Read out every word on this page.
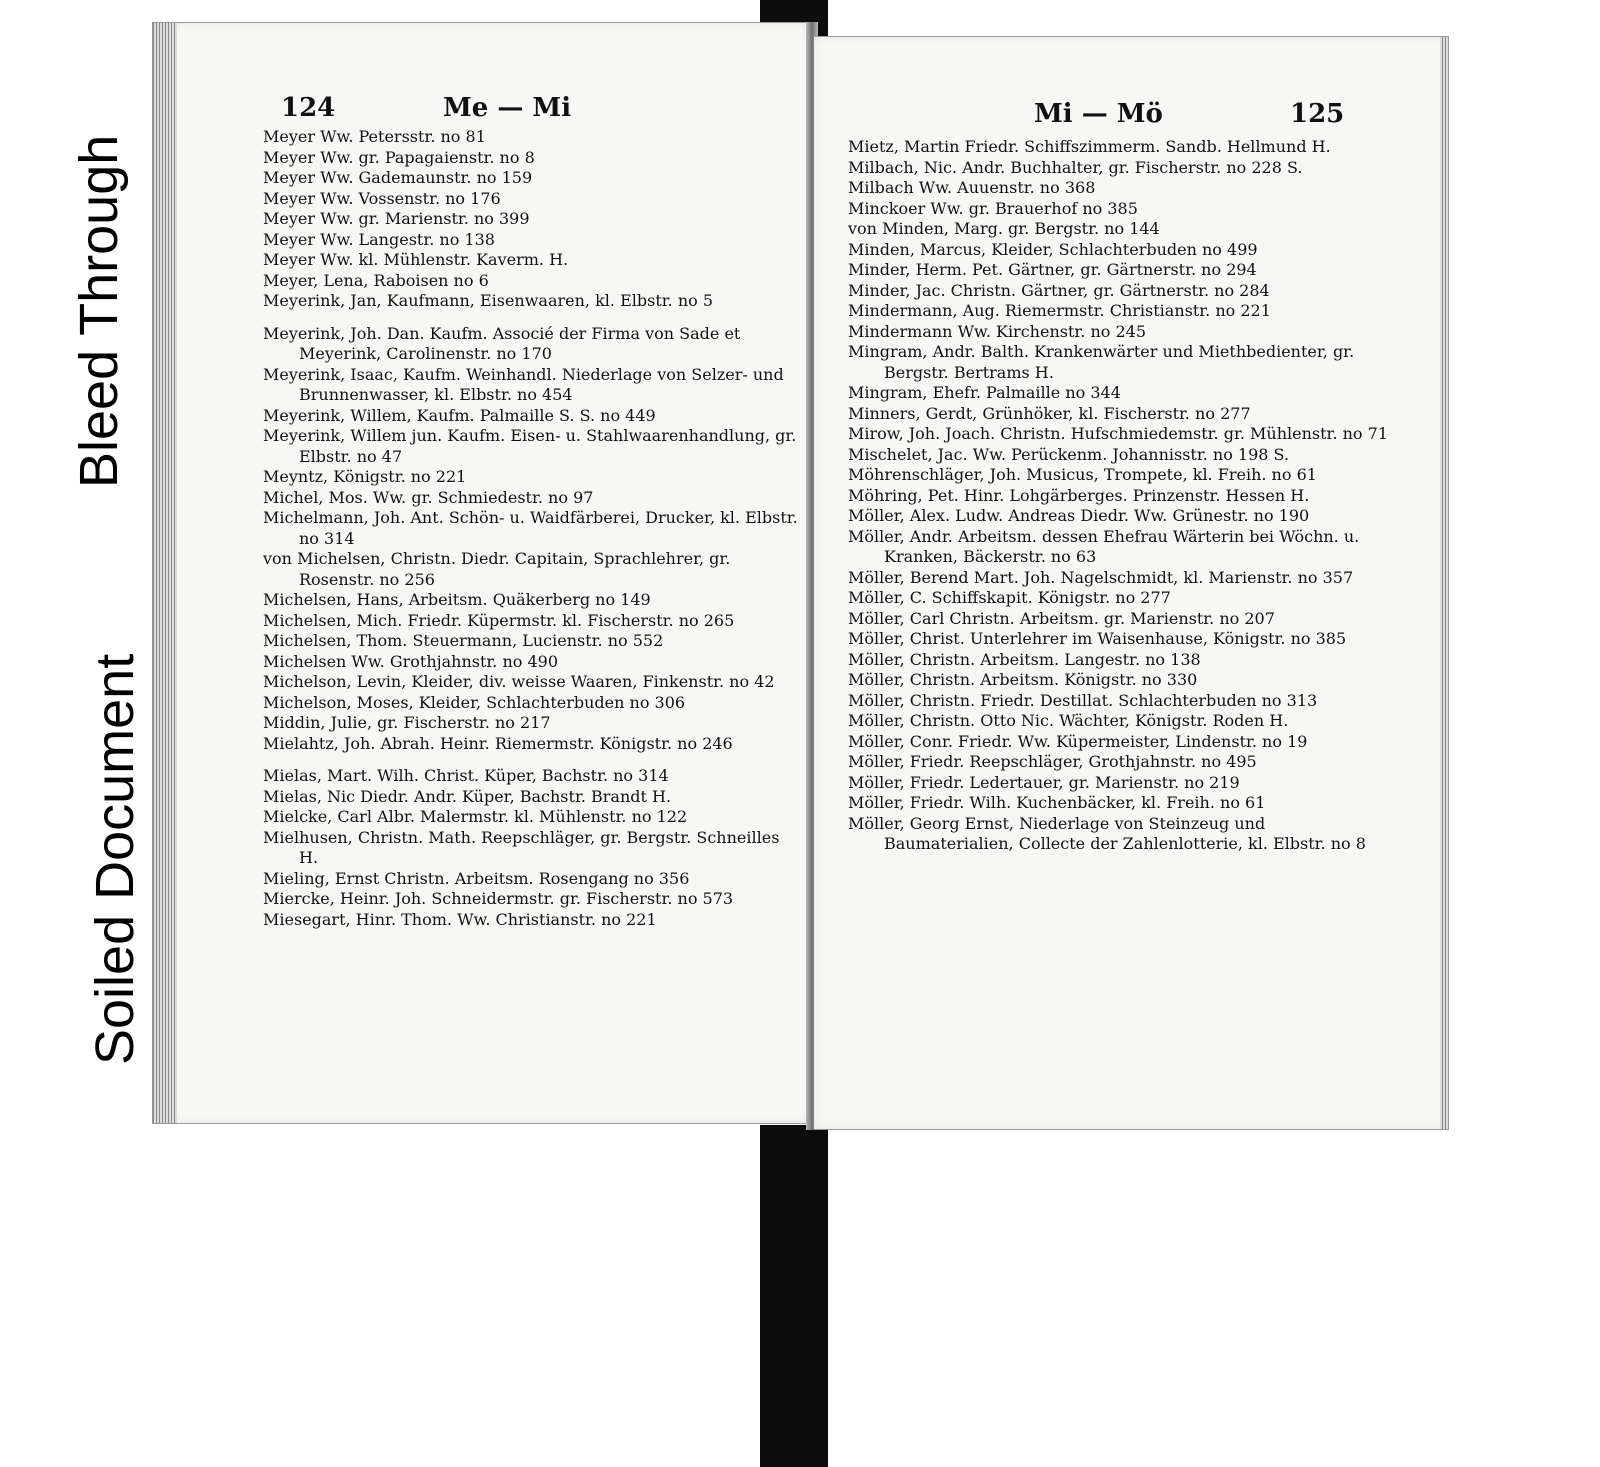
Bleed Through
Soiled Document
124	Me — Mi
Meyer Ww. Petersstr. no 81
Meyer Ww. gr. Papagaienstr. no 8
Meyer Ww. Gademaunstr. no 159
Meyer Ww. Vossenstr. no 176
Meyer Ww. gr. Marienstr. no 399
Meyer Ww. Langestr. no 138
Meyer Ww. kl. Mühlenstr. Kaverm. H.
Meyer, Lena, Raboisen no 6
Meyerink, Jan, Kaufmann, Eisenwaaren, kl. Elbstr. no 5
Meyerink, Joh. Dan. Kaufm. Associé der Firma von Sade et Meyerink, Carolinenstr. no 170
Meyerink, Isaac, Kaufm. Weinhandl. Niederlage von Selzer- und Brunnenwasser, kl. Elbstr. no 454
Meyerink, Willem, Kaufm. Palmaille S. S. no 449
Meyerink, Willem jun. Kaufm. Eisen- u. Stahlwaarenhandlung, gr. Elbstr. no 47
Meyntz, Königstr. no 221
Michel, Mos. Ww. gr. Schmiedestr. no 97
Michelmann, Joh. Ant. Schön- u. Waidfärberei, Drucker, kl. Elbstr. no 314
von Michelsen, Christn. Diedr. Capitain, Sprachlehrer, gr. Rosenstr. no 256
Michelsen, Hans, Arbeitsm. Quäkerberg no 149
Michelsen, Mich. Friedr. Küpermstr. kl. Fischerstr. no 265
Michelsen, Thom. Steuermann, Lucienstr. no 552
Michelsen Ww. Grothjahnstr. no 490
Michelson, Levin, Kleider, div. weisse Waaren, Finkenstr. no 42
Michelson, Moses, Kleider, Schlachterbuden no 306
Middin, Julie, gr. Fischerstr. no 217
Mielahtz, Joh. Abrah. Heinr. Riemermstr. Königstr. no 246
Mielas, Mart. Wilh. Christ. Küper, Bachstr. no 314
Mielas, Nic Diedr. Andr. Küper, Bachstr. Brandt H.
Mielcke, Carl Albr. Malermstr. kl. Mühlenstr. no 122
Mielhusen, Christn. Math. Reepschläger, gr. Bergstr. Schneilles H.
Mieling, Ernst Christn. Arbeitsm. Rosengang no 356
Miercke, Heinr. Joh. Schneidermstr. gr. Fischerstr. no 573
Miesegart, Hinr. Thom. Ww. Christianstr. no 221
Mi — Mö	125
Mietz, Martin Friedr. Schiffszimmerm. Sandb. Hellmund H.
Milbach, Nic. Andr. Buchhalter, gr. Fischerstr. no 228 S.
Milbach Ww. Auuenstr. no 368
Minckoer Ww. gr. Brauerhof no 385
von Minden, Marg. gr. Bergstr. no 144
Minden, Marcus, Kleider, Schlachterbuden no 499
Minder, Herm. Pet. Gärtner, gr. Gärtnerstr. no 294
Minder, Jac. Christn. Gärtner, gr. Gärtnerstr. no 284
Mindermann, Aug. Riemermstr. Christianstr. no 221
Mindermann Ww. Kirchenstr. no 245
Mingram, Andr. Balth. Krankenwärter und Miethbedienter, gr. Bergstr. Bertrams H.
Mingram, Ehefr. Palmaille no 344
Minners, Gerdt, Grünhöker, kl. Fischerstr. no 277
Mirow, Joh. Joach. Christn. Hufschmiedemstr. gr. Mühlenstr. no 71
Mischelet, Jac. Ww. Perückenm. Johannisstr. no 198 S.
Möhrenschläger, Joh. Musicus, Trompete, kl. Freih. no 61
Möhring, Pet. Hinr. Lohgärberges. Prinzenstr. Hessen H.
Möller, Alex. Ludw. Andreas Diedr. Ww. Grünestr. no 190
Möller, Andr. Arbeitsm. dessen Ehefrau Wärterin bei Wöchn. u. Kranken, Bäckerstr. no 63
Möller, Berend Mart. Joh. Nagelschmidt, kl. Marienstr. no 357
Möller, C. Schiffskapit. Königstr. no 277
Möller, Carl Christn. Arbeitsm. gr. Marienstr. no 207
Möller, Christ. Unterlehrer im Waisenhause, Königstr. no 385
Möller, Christn. Arbeitsm. Langestr. no 138
Möller, Christn. Arbeitsm. Königstr. no 330
Möller, Christn. Friedr. Destillat. Schlachterbuden no 313
Möller, Christn. Otto Nic. Wächter, Königstr. Roden H.
Möller, Conr. Friedr. Ww. Küpermeister, Lindenstr. no 19
Möller, Friedr. Reepschläger, Grothjahnstr. no 495
Möller, Friedr. Ledertauer, gr. Marienstr. no 219
Möller, Friedr. Wilh. Kuchenbäcker, kl. Freih. no 61
Möller, Georg Ernst, Niederlage von Steinzeug und Baumaterialien, Collecte der Zahlenlotterie, kl. Elbstr. no 8
